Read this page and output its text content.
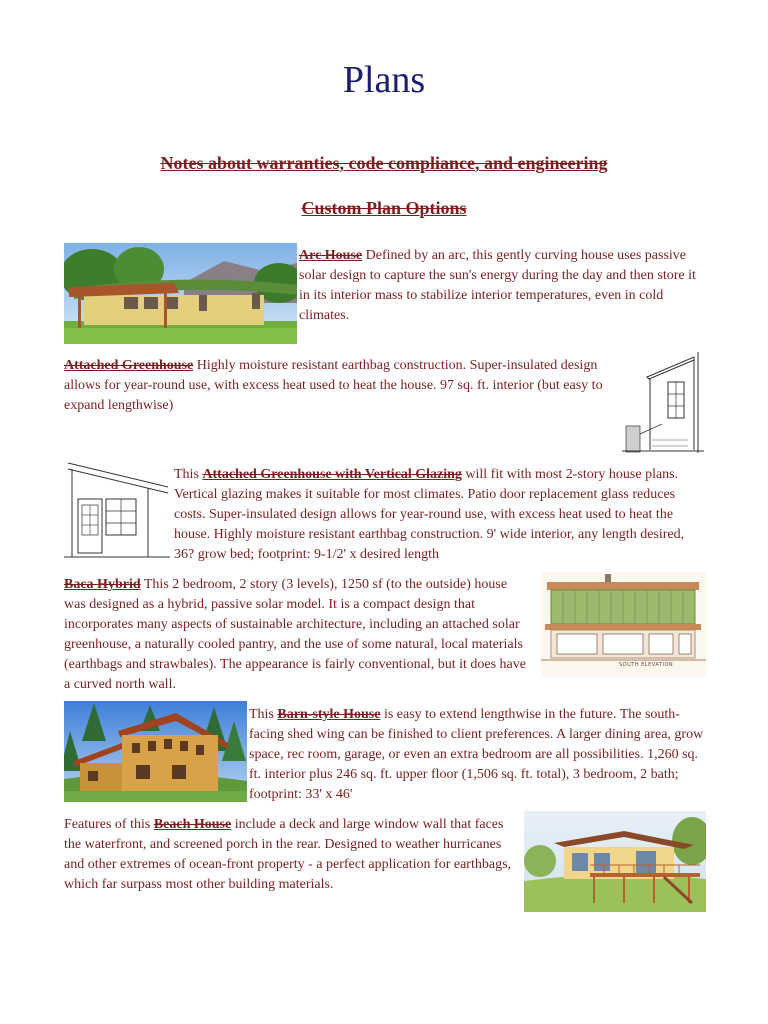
Plans
Notes about warranties, code compliance, and engineering
Custom Plan Options
Arc House Defined by an arc, this gently curving house uses passive solar design to capture the sun's energy during the day and then store it in its interior mass to stabilize interior temperatures, even in cold climates.
Attached Greenhouse Highly moisture resistant earthbag construction. Super-insulated design allows for year-round use, with excess heat used to heat the house. 97 sq. ft. interior (but easy to expand lengthwise)
This Attached Greenhouse with Vertical Glazing will fit with most 2-story house plans. Vertical glazing makes it suitable for most climates. Patio door replacement glass reduces costs. Super-insulated design allows for year-round use, with excess heat used to heat the house. Highly moisture resistant earthbag construction. 9' wide interior, any length desired, 36? grow bed; footprint: 9-1/2' x desired length
Baca Hybrid This 2 bedroom, 2 story (3 levels), 1250 sf (to the outside) house was designed as a hybrid, passive solar model. It is a compact design that incorporates many aspects of sustainable architecture, including an attached solar greenhouse, a naturally cooled pantry, and the use of some natural, local materials (earthbags and strawbales). The appearance is fairly conventional, but it does have a curved north wall.
SOUTH ELEVATION
This Barn-style House is easy to extend lengthwise in the future. The south-facing shed wing can be finished to client preferences. A larger dining area, grow space, rec room, garage, or even an extra bedroom are all possibilities. 1,260 sq. ft. interior plus 246 sq. ft. upper floor (1,506 sq. ft. total), 3 bedroom, 2 bath; footprint: 33' x 46'
Features of this Beach House include a deck and large window wall that faces the waterfront, and screened porch in the rear. Designed to weather hurricanes and other extremes of ocean-front property - a perfect application for earthbags, which far surpass most other building materials.
